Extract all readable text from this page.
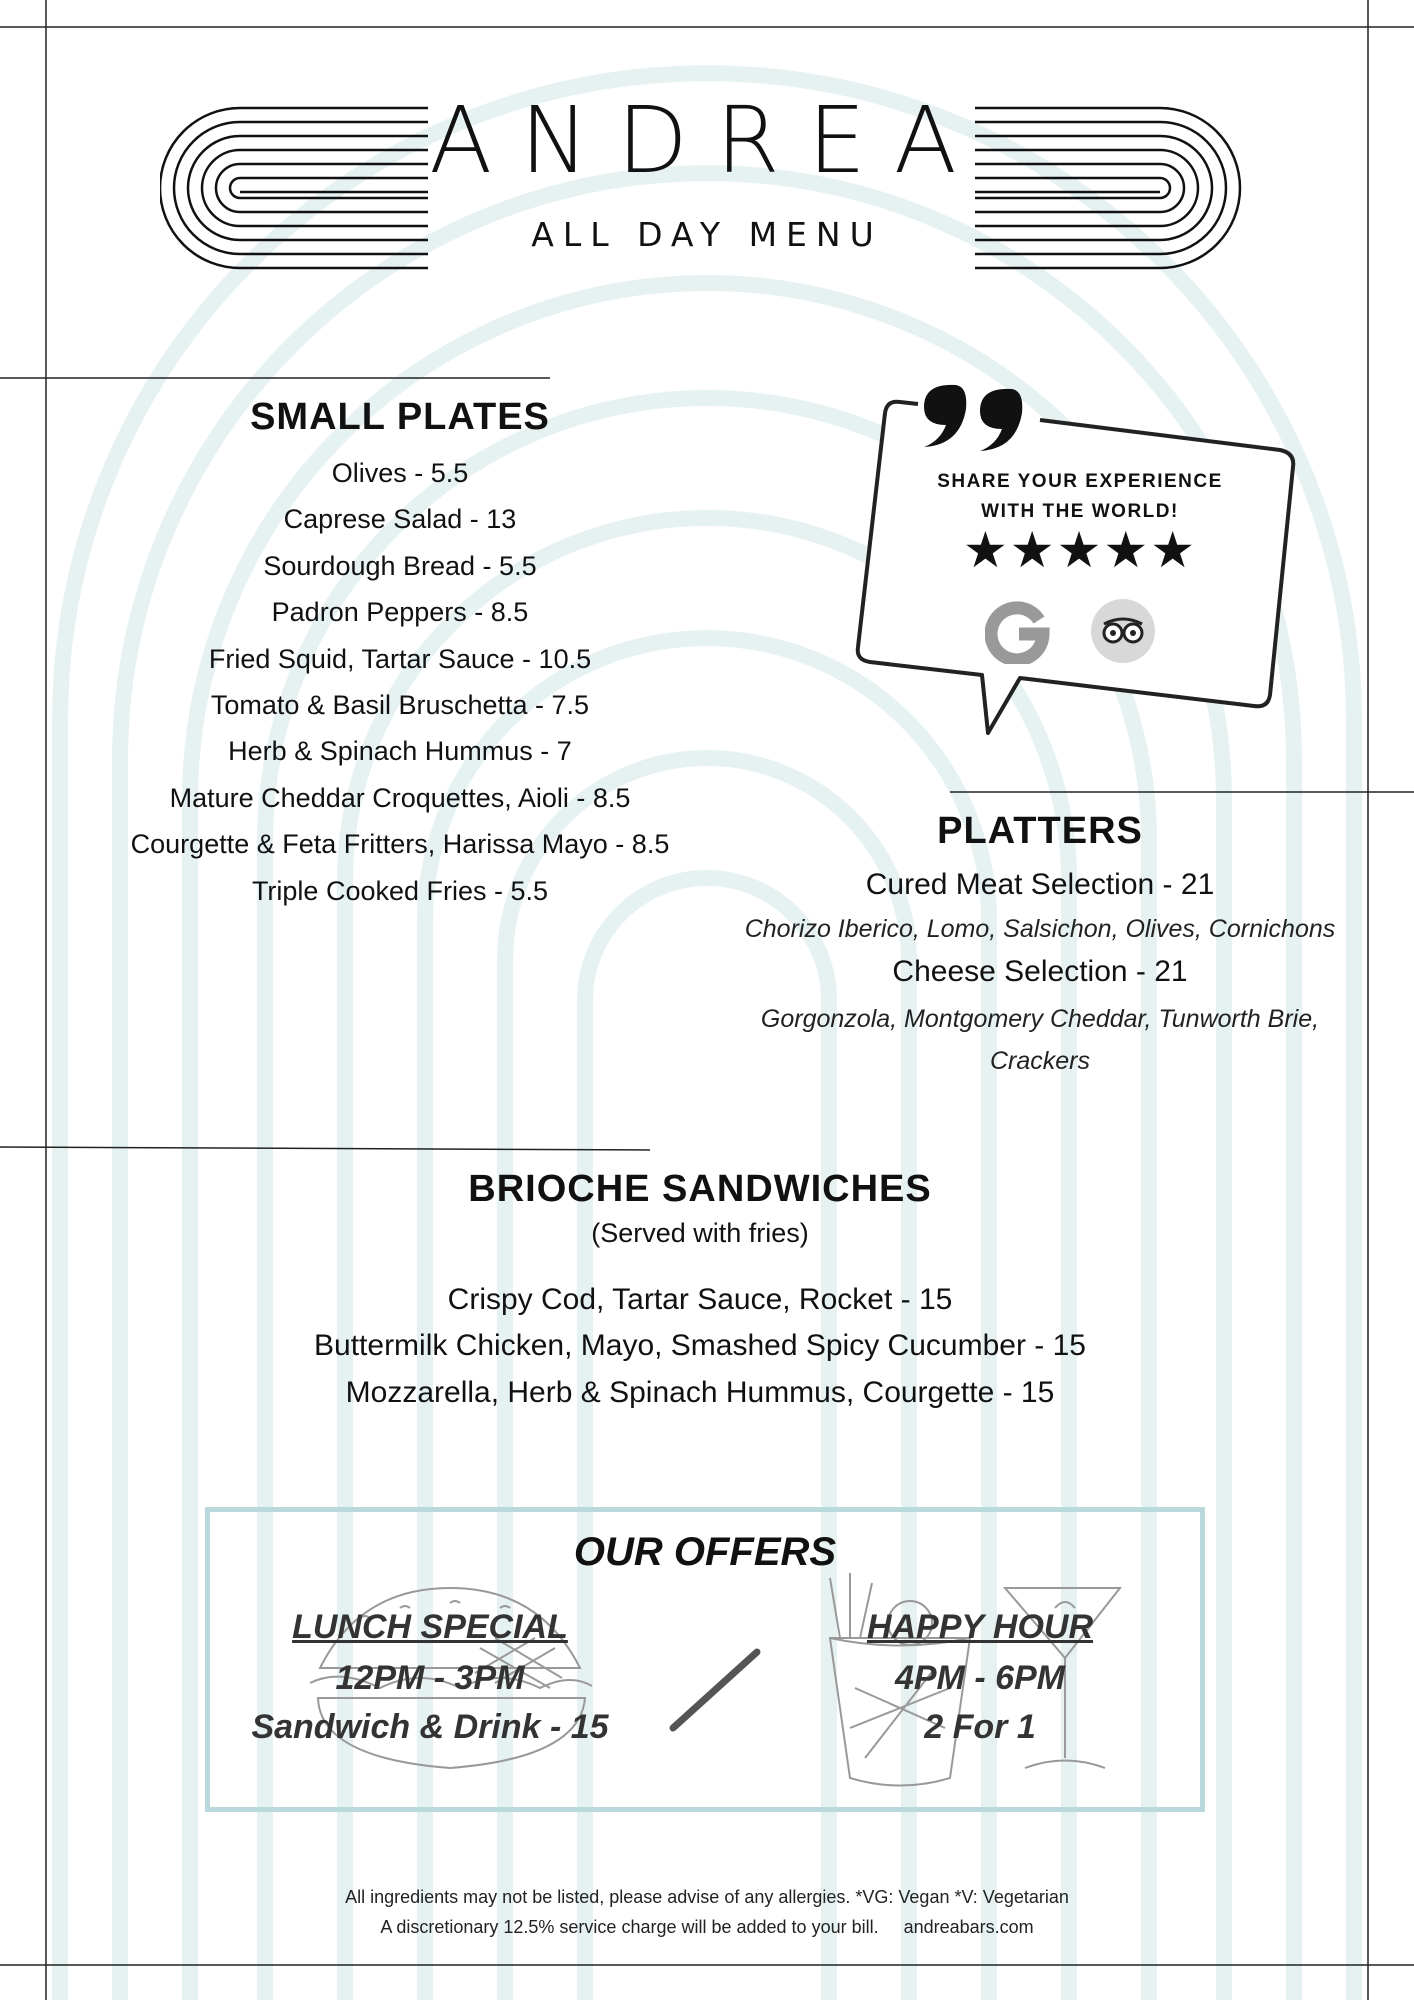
ANDREA
ALL DAY MENU
SMALL PLATES
Olives - 5.5
Caprese Salad - 13
Sourdough Bread - 5.5
Padron Peppers - 8.5
Fried Squid, Tartar Sauce - 10.5
Tomato & Basil Bruschetta - 7.5
Herb & Spinach Hummus - 7
Mature Cheddar Croquettes, Aioli - 8.5
Courgette & Feta Fritters, Harissa Mayo - 8.5
Triple Cooked Fries - 5.5
SHARE YOUR EXPERIENCE
WITH THE WORLD!
★★★★★
PLATTERS
Cured Meat Selection - 21
Chorizo Iberico, Lomo, Salsichon, Olives, Cornichons
Cheese Selection - 21
Gorgonzola, Montgomery Cheddar, Tunworth Brie, Crackers
BRIOCHE SANDWICHES
(Served with fries)
Crispy Cod, Tartar Sauce, Rocket - 15
Buttermilk Chicken, Mayo, Smashed Spicy Cucumber - 15
Mozzarella, Herb & Spinach Hummus, Courgette - 15
OUR OFFERS
LUNCH SPECIAL
12PM - 3PM
Sandwich & Drink - 15
HAPPY HOUR
4PM - 6PM
2 For 1
All ingredients may not be listed, please advise of any allergies. *VG: Vegan *V: Vegetarian
A discretionary 12.5% service charge will be added to your bill.     andreabars.com
